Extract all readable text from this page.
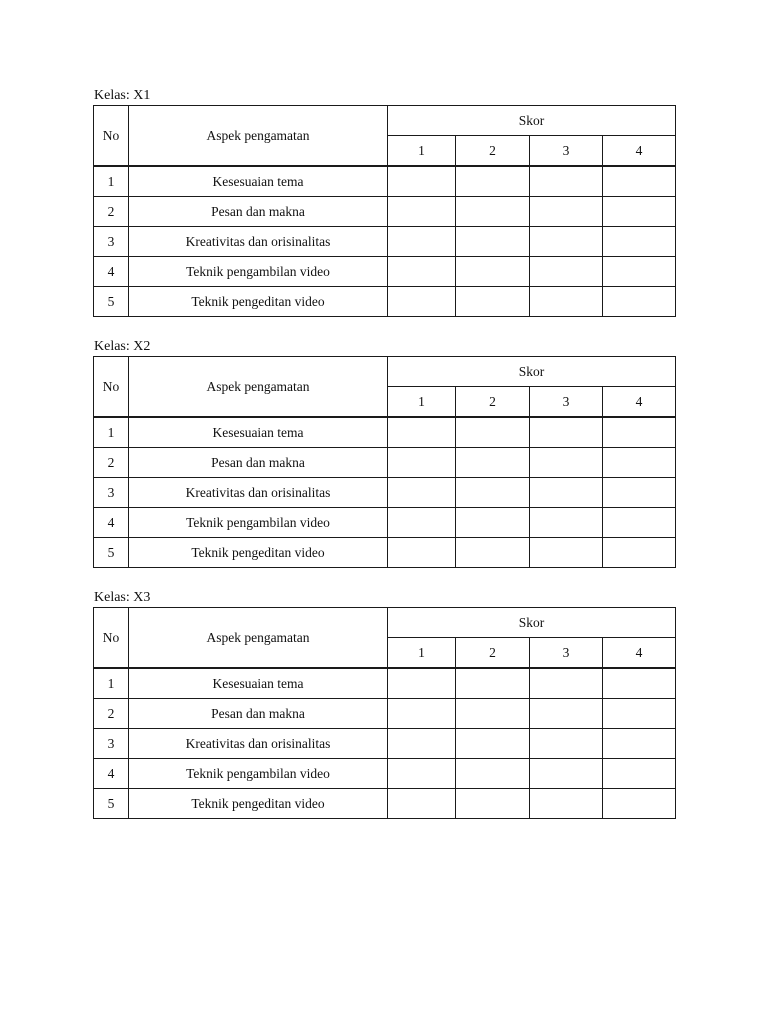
Kelas: X1

No	Aspek pengamatan	Skor			
		1	2	3	4
1	Kesesuaian tema				
2	Pesan dan makna				
3	Kreativitas dan orisinalitas				
4	Teknik pengambilan video				
5	Teknik pengeditan video				

Kelas: X2

No	Aspek pengamatan	Skor			
		1	2	3	4
1	Kesesuaian tema				
2	Pesan dan makna				
3	Kreativitas dan orisinalitas				
4	Teknik pengambilan video				
5	Teknik pengeditan video				

Kelas: X3

No	Aspek pengamatan	Skor			
		1	2	3	4
1	Kesesuaian tema				
2	Pesan dan makna				
3	Kreativitas dan orisinalitas				
4	Teknik pengambilan video				
5	Teknik pengeditan video				
